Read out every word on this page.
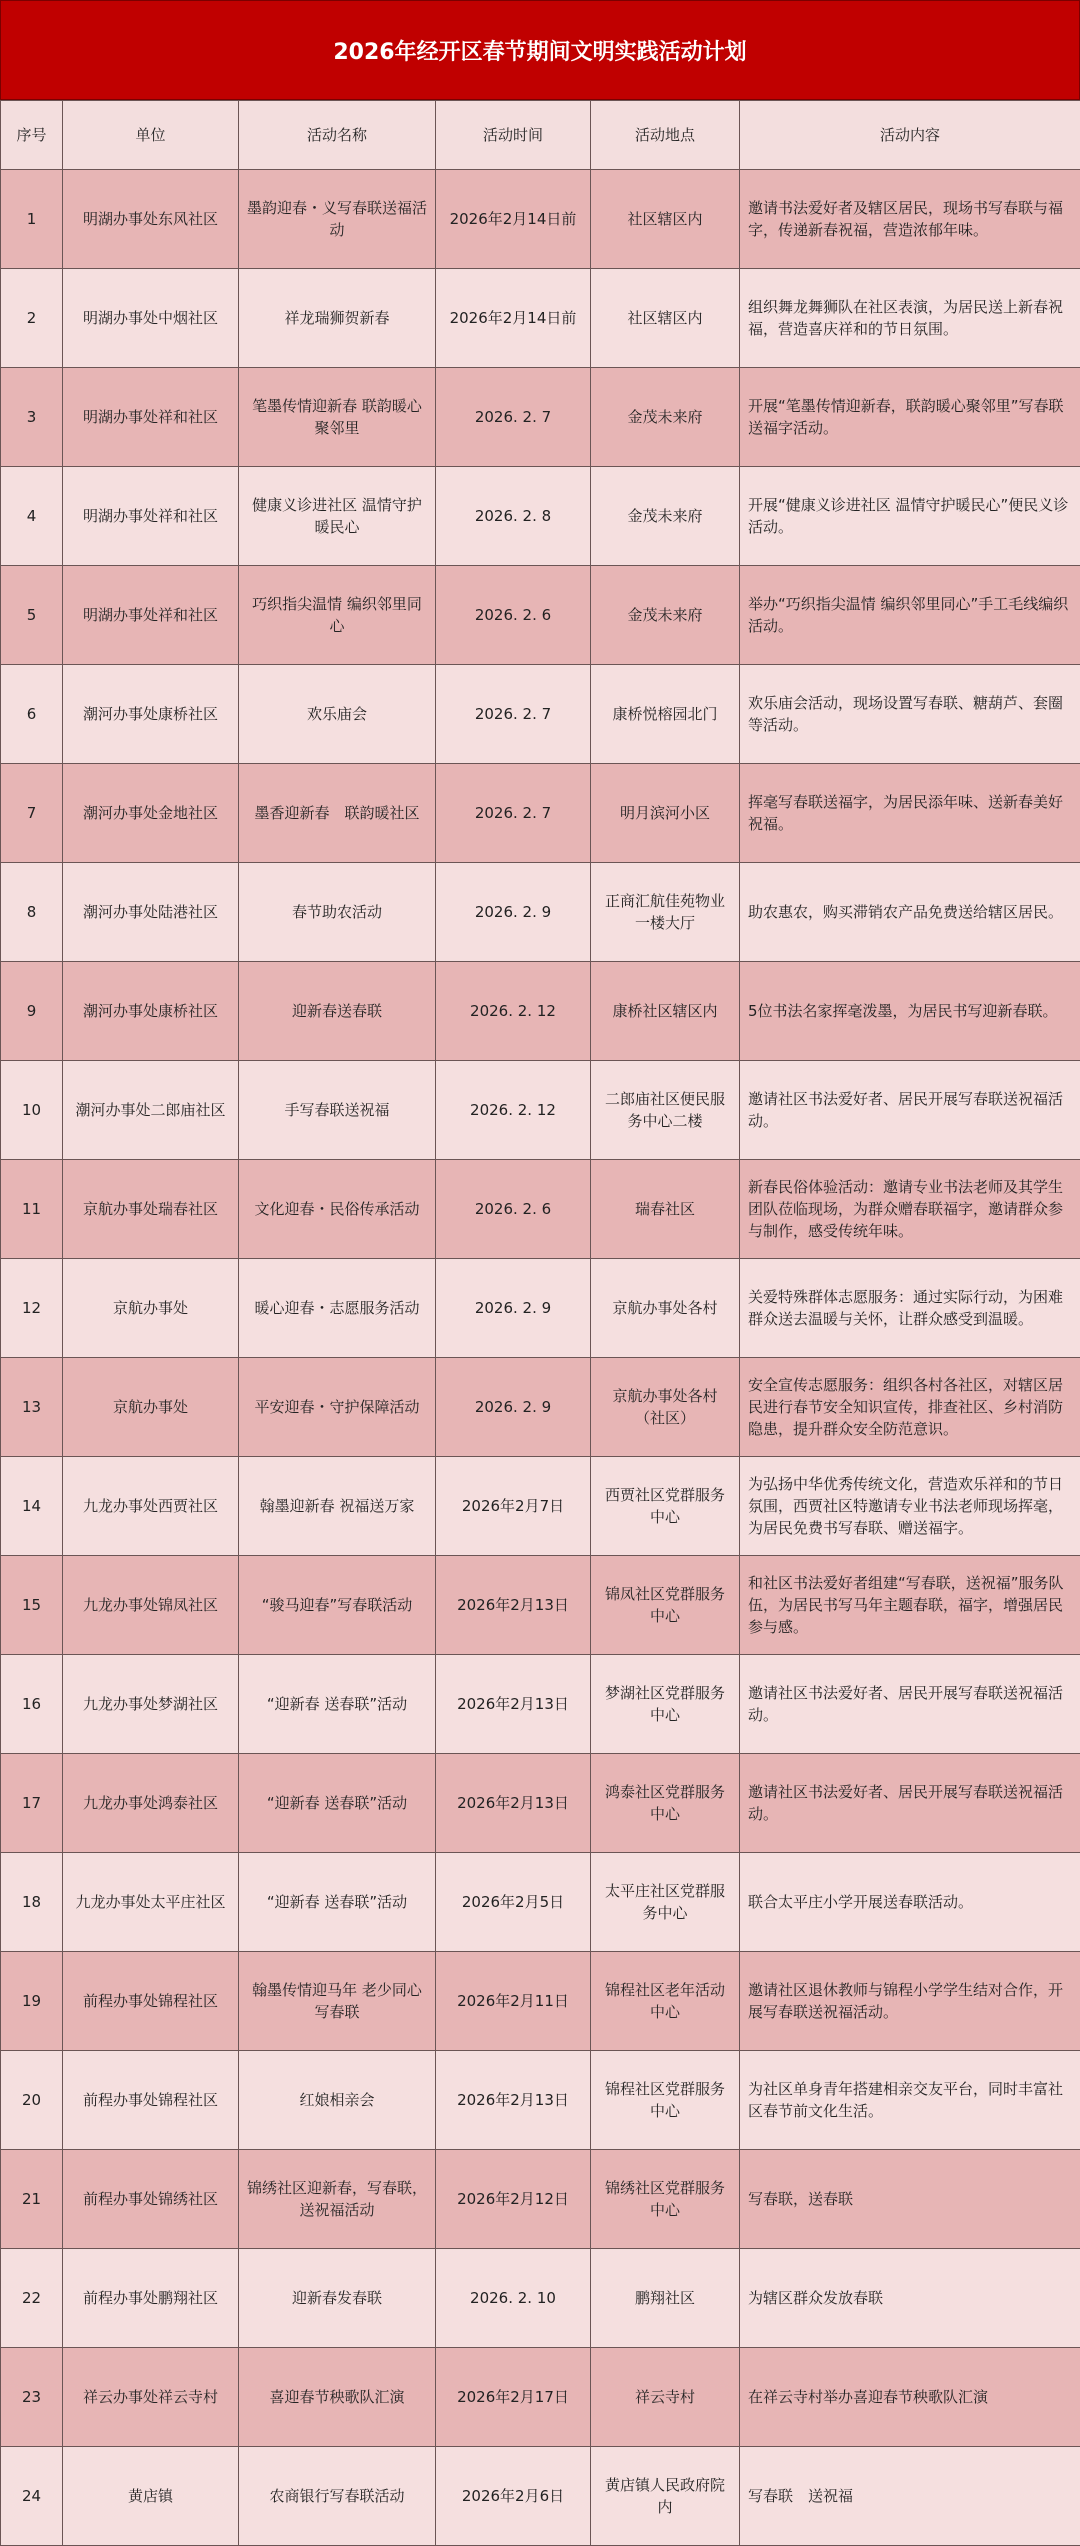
2026年经开区春节期间文明实践活动计划
序号	单位	活动名称	活动时间	活动地点	活动内容
1	明湖办事处东风社区	墨韵迎春・义写春联送福活动	2026年2月14日前	社区辖区内	邀请书法爱好者及辖区居民，现场书写春联与福字，传递新春祝福，营造浓郁年味。
2	明湖办事处中烟社区	祥龙瑞狮贺新春	2026年2月14日前	社区辖区内	组织舞龙舞狮队在社区表演，为居民送上新春祝福，营造喜庆祥和的节日氛围。
3	明湖办事处祥和社区	笔墨传情迎新春 联韵暖心聚邻里	2026. 2. 7	金茂未来府	开展“笔墨传情迎新春，联韵暖心聚邻里”写春联送福字活动。
4	明湖办事处祥和社区	健康义诊进社区 温情守护暖民心	2026. 2. 8	金茂未来府	开展“健康义诊进社区 温情守护暖民心”便民义诊活动。
5	明湖办事处祥和社区	巧织指尖温情 编织邻里同心	2026. 2. 6	金茂未来府	举办“巧织指尖温情 编织邻里同心”手工毛线编织活动。
6	潮河办事处康桥社区	欢乐庙会	2026. 2. 7	康桥悦榕园北门	欢乐庙会活动，现场设置写春联、糖葫芦、套圈等活动。
7	潮河办事处金地社区	墨香迎新春　联韵暖社区	2026. 2. 7	明月滨河小区	挥毫写春联送福字，为居民添年味、送新春美好祝福。
8	潮河办事处陆港社区	春节助农活动	2026. 2. 9	正商汇航佳苑物业一楼大厅	助农惠农，购买滞销农产品免费送给辖区居民。
9	潮河办事处康桥社区	迎新春送春联	2026. 2. 12	康桥社区辖区内	5位书法名家挥毫泼墨，为居民书写迎新春联。
10	潮河办事处二郎庙社区	手写春联送祝福	2026. 2. 12	二郎庙社区便民服务中心二楼	邀请社区书法爱好者、居民开展写春联送祝福活动。
11	京航办事处瑞春社区	文化迎春・民俗传承活动	2026. 2. 6	瑞春社区	新春民俗体验活动：邀请专业书法老师及其学生团队莅临现场，为群众赠春联福字，邀请群众参与制作，感受传统年味。
12	京航办事处	暖心迎春・志愿服务活动	2026. 2. 9	京航办事处各村	关爱特殊群体志愿服务：通过实际行动，为困难群众送去温暖与关怀，让群众感受到温暖。
13	京航办事处	平安迎春・守护保障活动	2026. 2. 9	京航办事处各村（社区）	安全宣传志愿服务：组织各村各社区，对辖区居民进行春节安全知识宣传，排查社区、乡村消防隐患，提升群众安全防范意识。
14	九龙办事处西贾社区	翰墨迎新春 祝福送万家	2026年2月7日	西贾社区党群服务中心	为弘扬中华优秀传统文化，营造欢乐祥和的节日氛围，西贾社区特邀请专业书法老师现场挥毫，为居民免费书写春联、赠送福字。
15	九龙办事处锦凤社区	“骏马迎春”写春联活动	2026年2月13日	锦凤社区党群服务中心	和社区书法爱好者组建“写春联，送祝福”服务队伍，为居民书写马年主题春联，福字，增强居民参与感。
16	九龙办事处梦湖社区	“迎新春 送春联”活动	2026年2月13日	梦湖社区党群服务中心	邀请社区书法爱好者、居民开展写春联送祝福活动。
17	九龙办事处鸿泰社区	“迎新春 送春联”活动	2026年2月13日	鸿泰社区党群服务中心	邀请社区书法爱好者、居民开展写春联送祝福活动。
18	九龙办事处太平庄社区	“迎新春 送春联”活动	2026年2月5日	太平庄社区党群服务中心	联合太平庄小学开展送春联活动。
19	前程办事处锦程社区	翰墨传情迎马年 老少同心写春联	2026年2月11日	锦程社区老年活动中心	邀请社区退休教师与锦程小学学生结对合作，开展写春联送祝福活动。
20	前程办事处锦程社区	红娘相亲会	2026年2月13日	锦程社区党群服务中心	为社区单身青年搭建相亲交友平台，同时丰富社区春节前文化生活。
21	前程办事处锦绣社区	锦绣社区迎新春，写春联，送祝福活动	2026年2月12日	锦绣社区党群服务中心	写春联，送春联
22	前程办事处鹏翔社区	迎新春发春联	2026. 2. 10	鹏翔社区	为辖区群众发放春联
23	祥云办事处祥云寺村	喜迎春节秧歌队汇演	2026年2月17日	祥云寺村	在祥云寺村举办喜迎春节秧歌队汇演
24	黄店镇	农商银行写春联活动	2026年2月6日	黄店镇人民政府院内	写春联　送祝福
